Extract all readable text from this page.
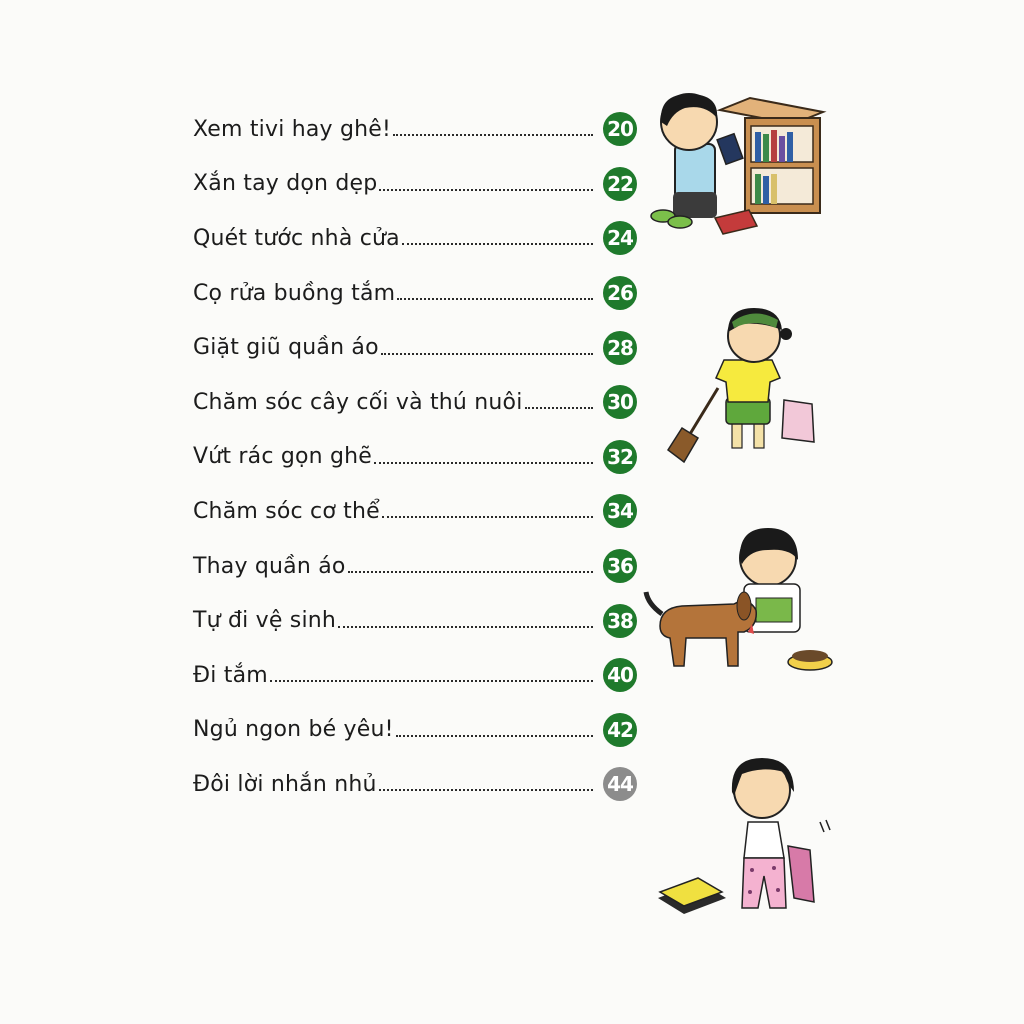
Xem tivi hay ghê!	20
Xắn tay dọn dẹp	22
Quét tước nhà cửa	24
Cọ rửa buồng tắm	26
Giặt giũ quần áo	28
Chăm sóc cây cối và thú nuôi	30
Vứt rác gọn ghẽ	32
Chăm sóc cơ thể	34
Thay quần áo	36
Tự đi vệ sinh	38
Đi tắm	40
Ngủ ngon bé yêu!	42
Đôi lời nhắn nhủ	44
